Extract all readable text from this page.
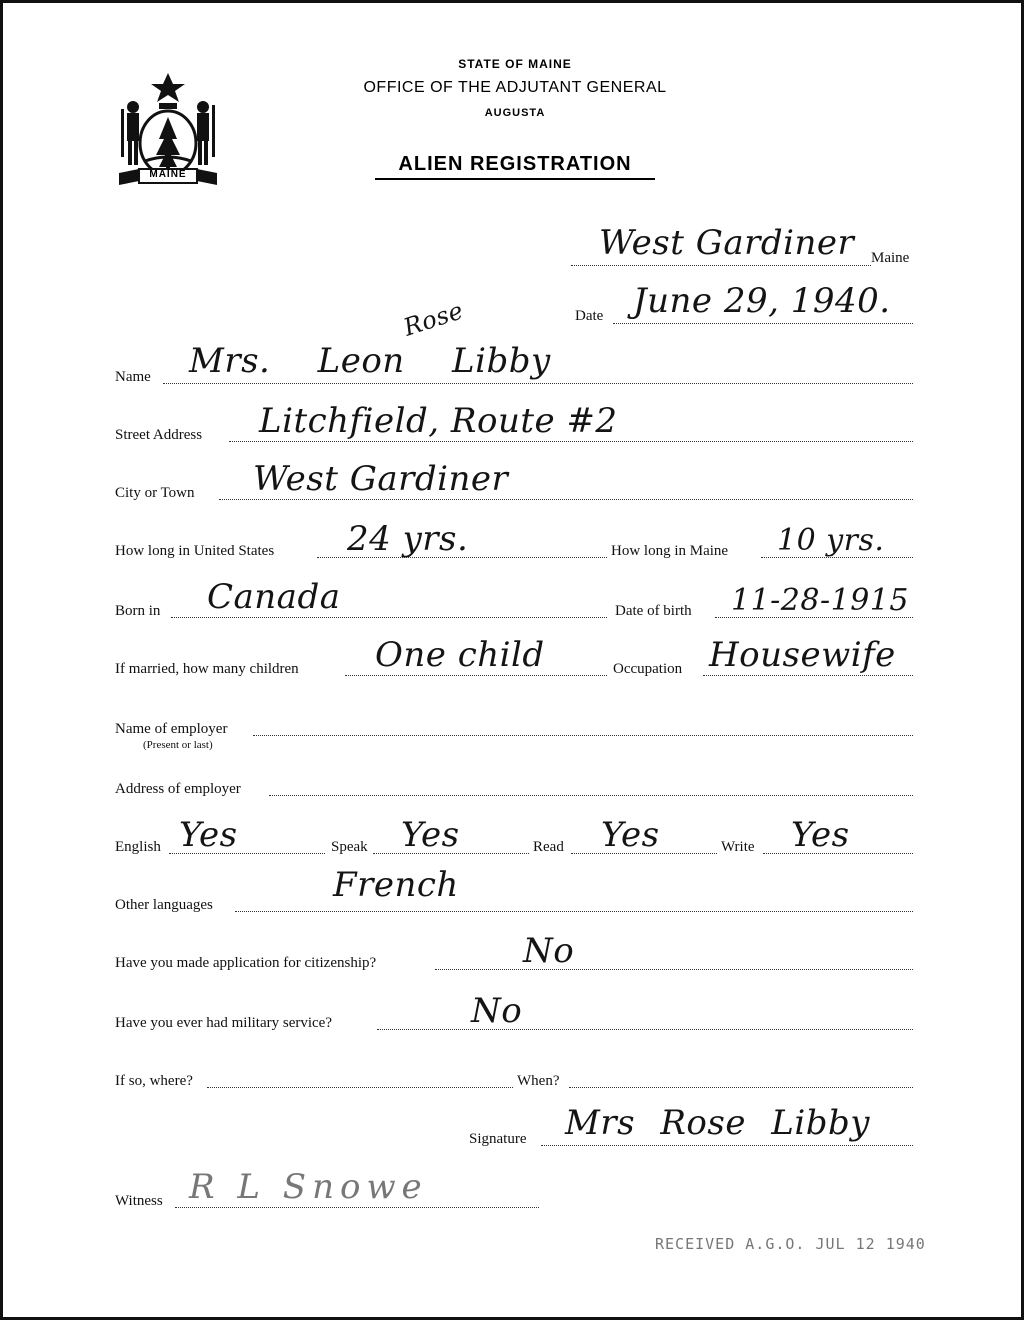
MAINE
STATE OF MAINE
OFFICE OF THE ADJUTANT GENERAL
AUGUSTA
ALIEN REGISTRATION
West Gardiner Maine
Date June 29, 1940.
Name Mrs. Leon Libby
Rose
Street Address Litchfield, Route #2
City or Town West Gardiner
How long in United States 24 yrs.	How long in Maine 10 yrs.
Born in Canada	Date of birth 11-28-1915
If married, how many children One child	Occupation Housewife
Name of employer
(Present or last)
Address of employer
English Yes	Speak Yes	Read Yes	Write Yes
Other languages	French
Have you made application for citizenship?	No
Have you ever had military service?	No
If so, where?	When?
Signature Mrs Rose Libby
Witness R L Snowe
RECEIVED A.G.O. JUL 12 1940
